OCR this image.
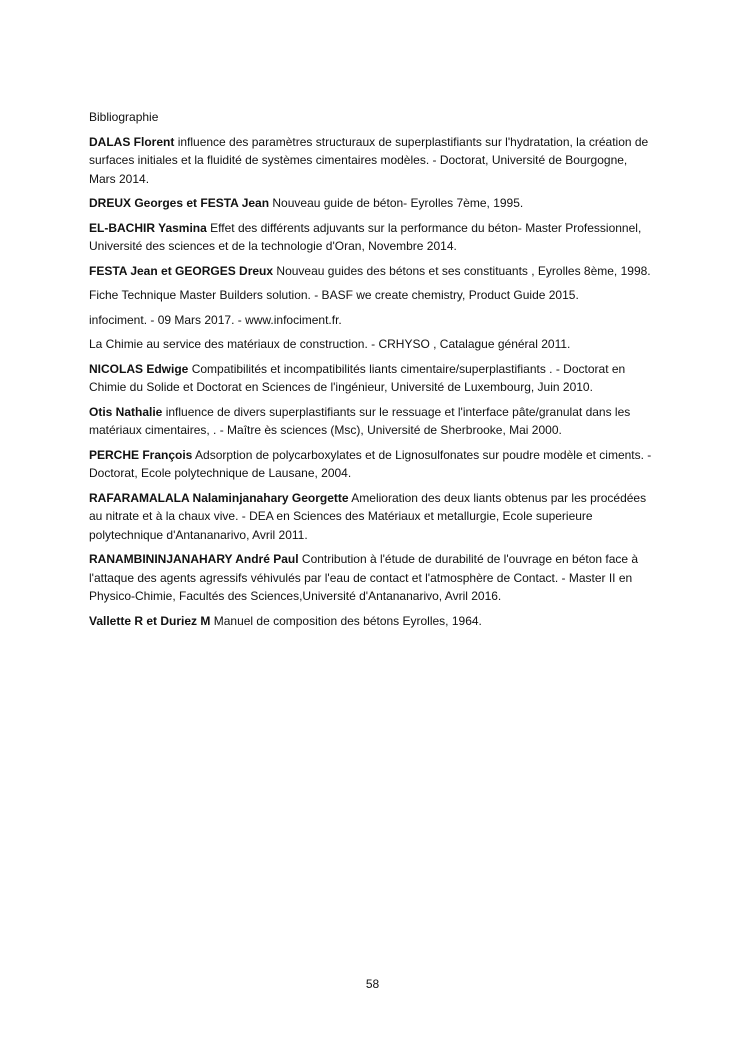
Bibliographie

DALAS Florent influence des paramètres structuraux de superplastifiants sur l'hydratation, la création de surfaces initiales et la fluidité de systèmes cimentaires modèles. - Doctorat, Université de Bourgogne, Mars 2014.

DREUX Georges et FESTA Jean Nouveau guide de béton- Eyrolles 7ème, 1995.

EL-BACHIR Yasmina Effet des différents adjuvants sur la performance du béton- Master Professionnel, Université des sciences et de la technologie d'Oran, Novembre 2014.

FESTA Jean et GEORGES Dreux Nouveau guides des bétons et ses constituants , Eyrolles 8ème, 1998.

Fiche Technique Master Builders solution. - BASF we create chemistry, Product Guide 2015.

infociment. - 09 Mars 2017. - www.infociment.fr.

La Chimie au service des matériaux de construction. - CRHYSO , Catalague général 2011.

NICOLAS Edwige Compatibilités et incompatibilités liants cimentaire/superplastifiants . - Doctorat en Chimie du Solide et Doctorat en Sciences de l'ingénieur, Université de Luxembourg, Juin 2010.

Otis Nathalie influence de divers superplastifiants sur le ressuage et l'interface pâte/granulat dans les matériaux cimentaires, . - Maître ès sciences (Msc), Université de Sherbrooke, Mai 2000.

PERCHE François Adsorption de polycarboxylates et de Lignosulfonates sur poudre modèle et ciments. - Doctorat, Ecole polytechnique de Lausane, 2004.

RAFARAMALALA Nalaminjanahary Georgette Amelioration des deux liants obtenus par les procédées au nitrate et à la chaux vive. - DEA en Sciences des Matériaux et metallurgie, Ecole superieure polytechnique d'Antananarivo, Avril 2011.

RANAMBININJANAHARY André Paul Contribution à l'étude de durabilité de l'ouvrage en béton face à l'attaque des agents agressifs véhivulés par l'eau de contact et l'atmosphère de Contact. - Master II en Physico-Chimie, Facultés des Sciences,Université d'Antananarivo, Avril 2016.

Vallette R et Duriez M Manuel de composition des bétons Eyrolles, 1964.

58
